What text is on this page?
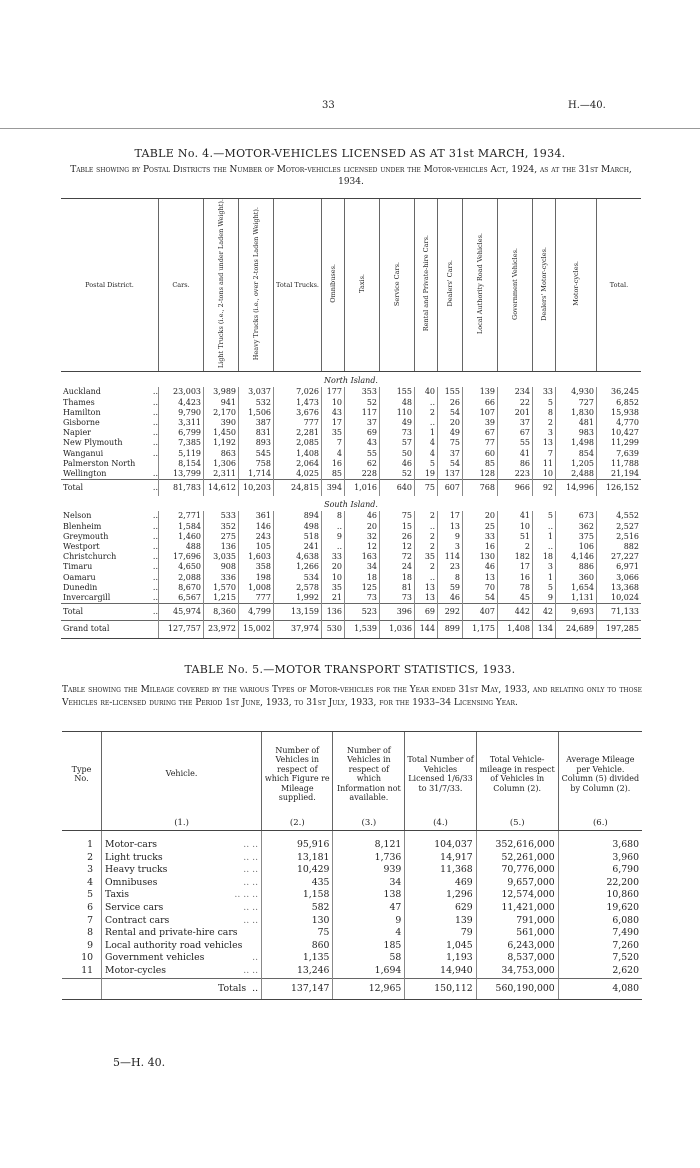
33	H.—40.
TABLE No. 4.—MOTOR-VEHICLES LICENSED AS AT 31st MARCH, 1934.
Table showing by Postal Districts the Number of Motor-vehicles licensed under the Motor-vehicles Act, 1924, as at the 31st March, 1934.
Postal District.		Cars.	Light Trucks (i.e., 2-tons and under Laden Weight).	Heavy Trucks (i.e., over 2-tons Laden Weight).	Total Trucks.	Omnibuses.	Taxis.	Service Cars.	Rental and Private-hire Cars.	Dealers' Cars.	Local Authority Road Vehicles.	Government Vehicles.	Dealers' Motor-cycles.	Motor-cycles.	Total.
North Island.															
Auckland	..	23,003	3,989	3,037	7,026	177	353	155	40	155	139	234	33	4,930	36,245
Thames	..	4,423	941	532	1,473	10	52	48	..	26	66	22	5	727	6,852
Hamilton	..	9,790	2,170	1,506	3,676	43	117	110	2	54	107	201	8	1,830	15,938
Gisborne	..	3,311	390	387	777	17	37	49	..	20	39	37	2	481	4,770
Napier	..	6,799	1,450	831	2,281	35	69	73	1	49	67	67	3	983	10,427
New Plymouth	..	7,385	1,192	893	2,085	7	43	57	4	75	77	55	13	1,498	11,299
Wanganui	..	5,119	863	545	1,408	4	55	50	4	37	60	41	7	854	7,639
Palmerston North		8,154	1,306	758	2,064	16	62	46	5	54	85	86	11	1,205	11,788
Wellington	..	13,799	2,311	1,714	4,025	85	228	52	19	137	128	223	10	2,488	21,194
Total	..	81,783	14,612	10,203	24,815	394	1,016	640	75	607	768	966	92	14,996	126,152
South Island.															
Nelson	..	2,771	533	361	894	8	46	75	2	17	20	41	5	673	4,552
Blenheim	..	1,584	352	146	498	..	20	15	..	13	25	10	..	362	2,527
Greymouth	..	1,460	275	243	518	9	32	26	2	9	33	51	1	375	2,516
Westport	..	488	136	105	241	..	12	12	2	3	16	2	..	106	882
Christchurch	..	17,696	3,035	1,603	4,638	33	163	72	35	114	130	182	18	4,146	27,227
Timaru	..	4,650	908	358	1,266	20	34	24	2	23	46	17	3	886	6,971
Oamaru	..	2,088	336	198	534	10	18	18	..	8	13	16	1	360	3,066
Dunedin	..	8,670	1,570	1,008	2,578	35	125	81	13	59	70	78	5	1,654	13,368
Invercargill	..	6,567	1,215	777	1,992	21	73	73	13	46	54	45	9	1,131	10,024
Total	..	45,974	8,360	4,799	13,159	136	523	396	69	292	407	442	42	9,693	71,133
Grand total		127,757	23,972	15,002	37,974	530	1,539	1,036	144	899	1,175	1,408	134	24,689	197,285
TABLE No. 5.—MOTOR TRANSPORT STATISTICS, 1933.
Table showing the Mileage covered by the various Types of Motor-vehicles for the Year ended 31st May, 1933, and relating only to those Vehicles re-licensed during the Period 1st June, 1933, to 31st July, 1933, for the 1933–34 Licensing Year.
Type No.	Vehicle.	Number of Vehicles in respect of which Figure re Mileage supplied.	Number of Vehicles in respect of which Information not available.	Total Number of Vehicles Licensed 1/6/33 to 31/7/33.	Total Vehicle-mileage in respect of Vehicles in Column (2).	Average Mileage per Vehicle. Column (5) divided by Column (2).
	(1.)	(2.)	(3.)	(4.)	(5.)	(6.)

1	Motor-cars .. ..	95,916	8,121	104,037	352,616,000	3,680
2	Light trucks .. ..	13,181	1,736	14,917	52,261,000	3,960
3	Heavy trucks .. ..	10,429	939	11,368	70,776,000	6,790
4	Omnibuses .. ..	435	34	469	9,657,000	22,200
5	Taxis .. .. ..	1,158	138	1,296	12,574,000	10,860
6	Service cars .. ..	582	47	629	11,421,000	19,620
7	Contract cars .. ..	130	9	139	791,000	6,080
8	Rental and private-hire cars	75	4	79	561,000	7,490
9	Local authority road vehicles	860	185	1,045	6,243,000	7,260
10	Government vehicles ..	1,135	58	1,193	8,537,000	7,520
11	Motor-cycles .. ..	13,246	1,694	14,940	34,753,000	2,620
	Totals ..	137,147	12,965	150,112	560,190,000	4,080
5—H. 40.
